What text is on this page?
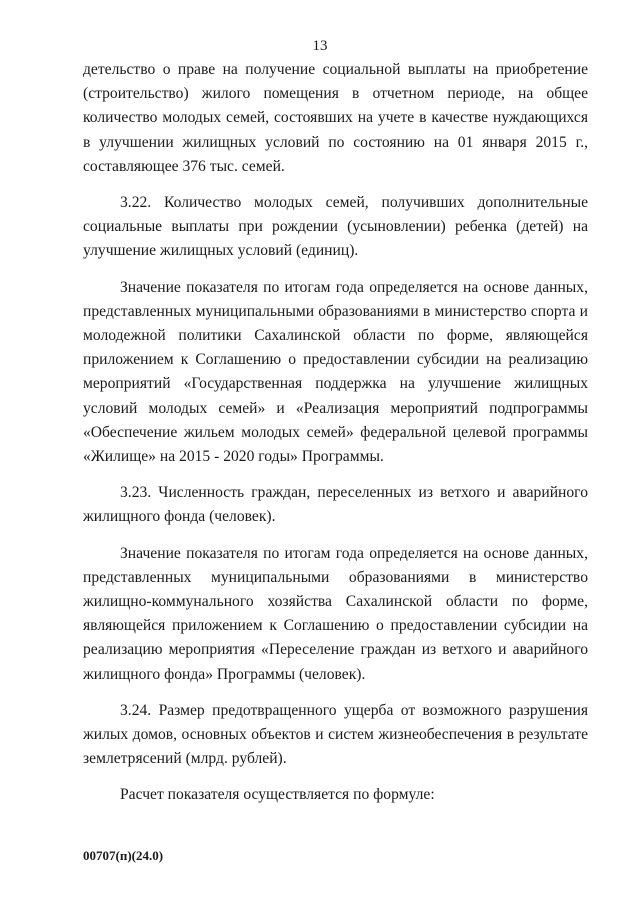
13

детельство о праве на получение социальной выплаты на приобретение (строительство) жилого помещения в отчетном периоде, на общее количество молодых семей, состоявших на учете в качестве нуждающихся в улучшении жилищных условий по состоянию на 01 января 2015 г., составляющее 376 тыс. семей.

3.22. Количество молодых семей, получивших дополнительные социальные выплаты при рождении (усыновлении) ребенка (детей) на улучшение жилищных условий (единиц).

Значение показателя по итогам года определяется на основе данных, представленных муниципальными образованиями в министерство спорта и молодежной политики Сахалинской области по форме, являющейся приложением к Соглашению о предоставлении субсидии на реализацию мероприятий «Государственная поддержка на улучшение жилищных условий молодых семей» и «Реализация мероприятий подпрограммы «Обеспечение жильем молодых семей» федеральной целевой программы «Жилище» на 2015 - 2020 годы» Программы.

3.23. Численность граждан, переселенных из ветхого и аварийного жилищного фонда (человек).

Значение показателя по итогам года определяется на основе данных, представленных муниципальными образованиями в министерство жилищно-коммунального хозяйства Сахалинской области по форме, являющейся приложением к Соглашению о предоставлении субсидии на реализацию мероприятия «Переселение граждан из ветхого и аварийного жилищного фонда» Программы (человек).

3.24. Размер предотвращенного ущерба от возможного разрушения жилых домов, основных объектов и систем жизнеобеспечения в результате землетрясений (млрд. рублей).

Расчет показателя осуществляется по формуле:

00707(п)(24.0)
